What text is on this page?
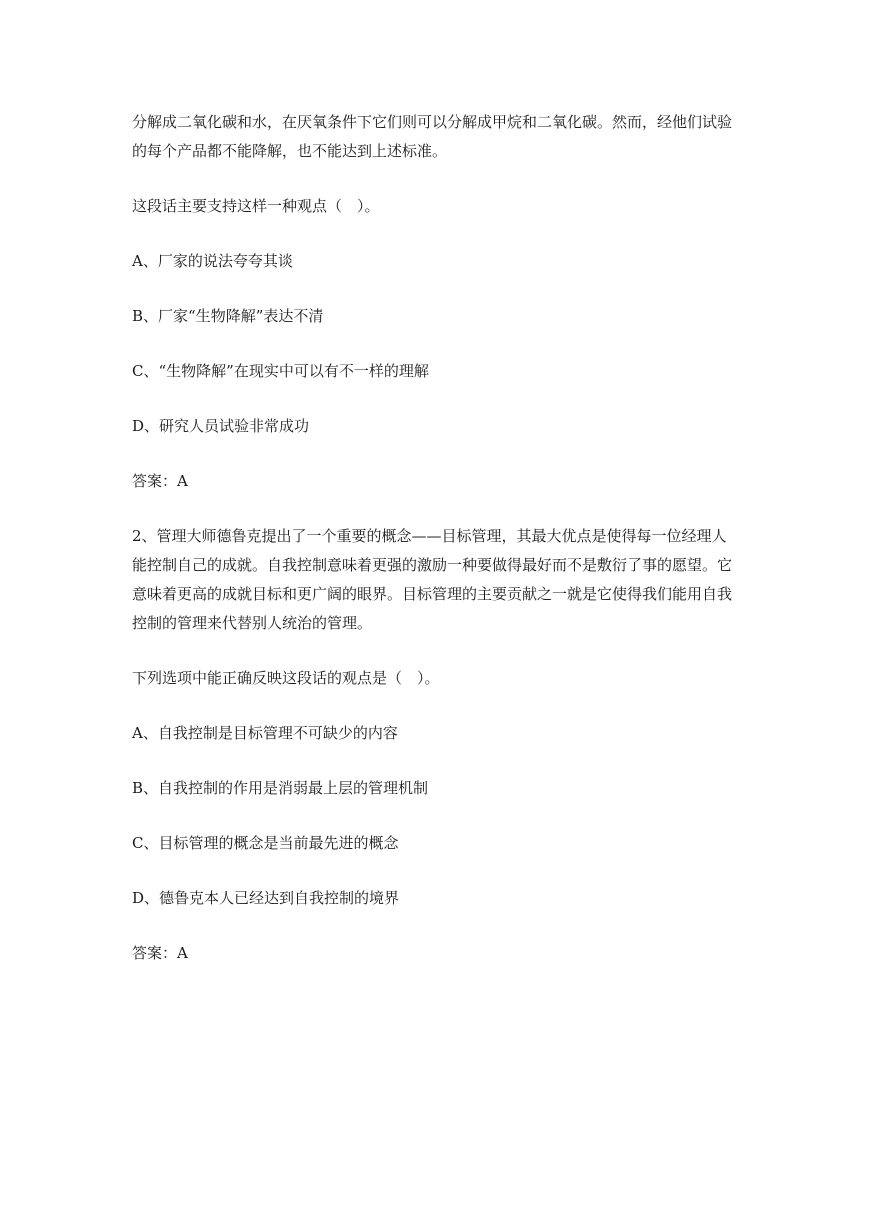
分解成二氧化碳和水，在厌氧条件下它们则可以分解成甲烷和二氧化碳。然而，经他们试验

的每个产品都不能降解，也不能达到上述标准。

这段话主要支持这样一种观点（　）。

A、厂家的说法夸夸其谈

B、厂家“生物降解”表达不清

C、“生物降解”在现实中可以有不一样的理解

D、研究人员试验非常成功

答案：A

2、管理大师德鲁克提出了一个重要的概念——目标管理，其最大优点是使得每一位经理人

能控制自己的成就。自我控制意味着更强的激励一种要做得最好而不是敷衍了事的愿望。它

意味着更高的成就目标和更广阔的眼界。目标管理的主要贡献之一就是它使得我们能用自我

控制的管理来代替别人统治的管理。

下列选项中能正确反映这段话的观点是（　）。

A、自我控制是目标管理不可缺少的内容

B、自我控制的作用是消弱最上层的管理机制

C、目标管理的概念是当前最先进的概念

D、德鲁克本人已经达到自我控制的境界

答案：A
